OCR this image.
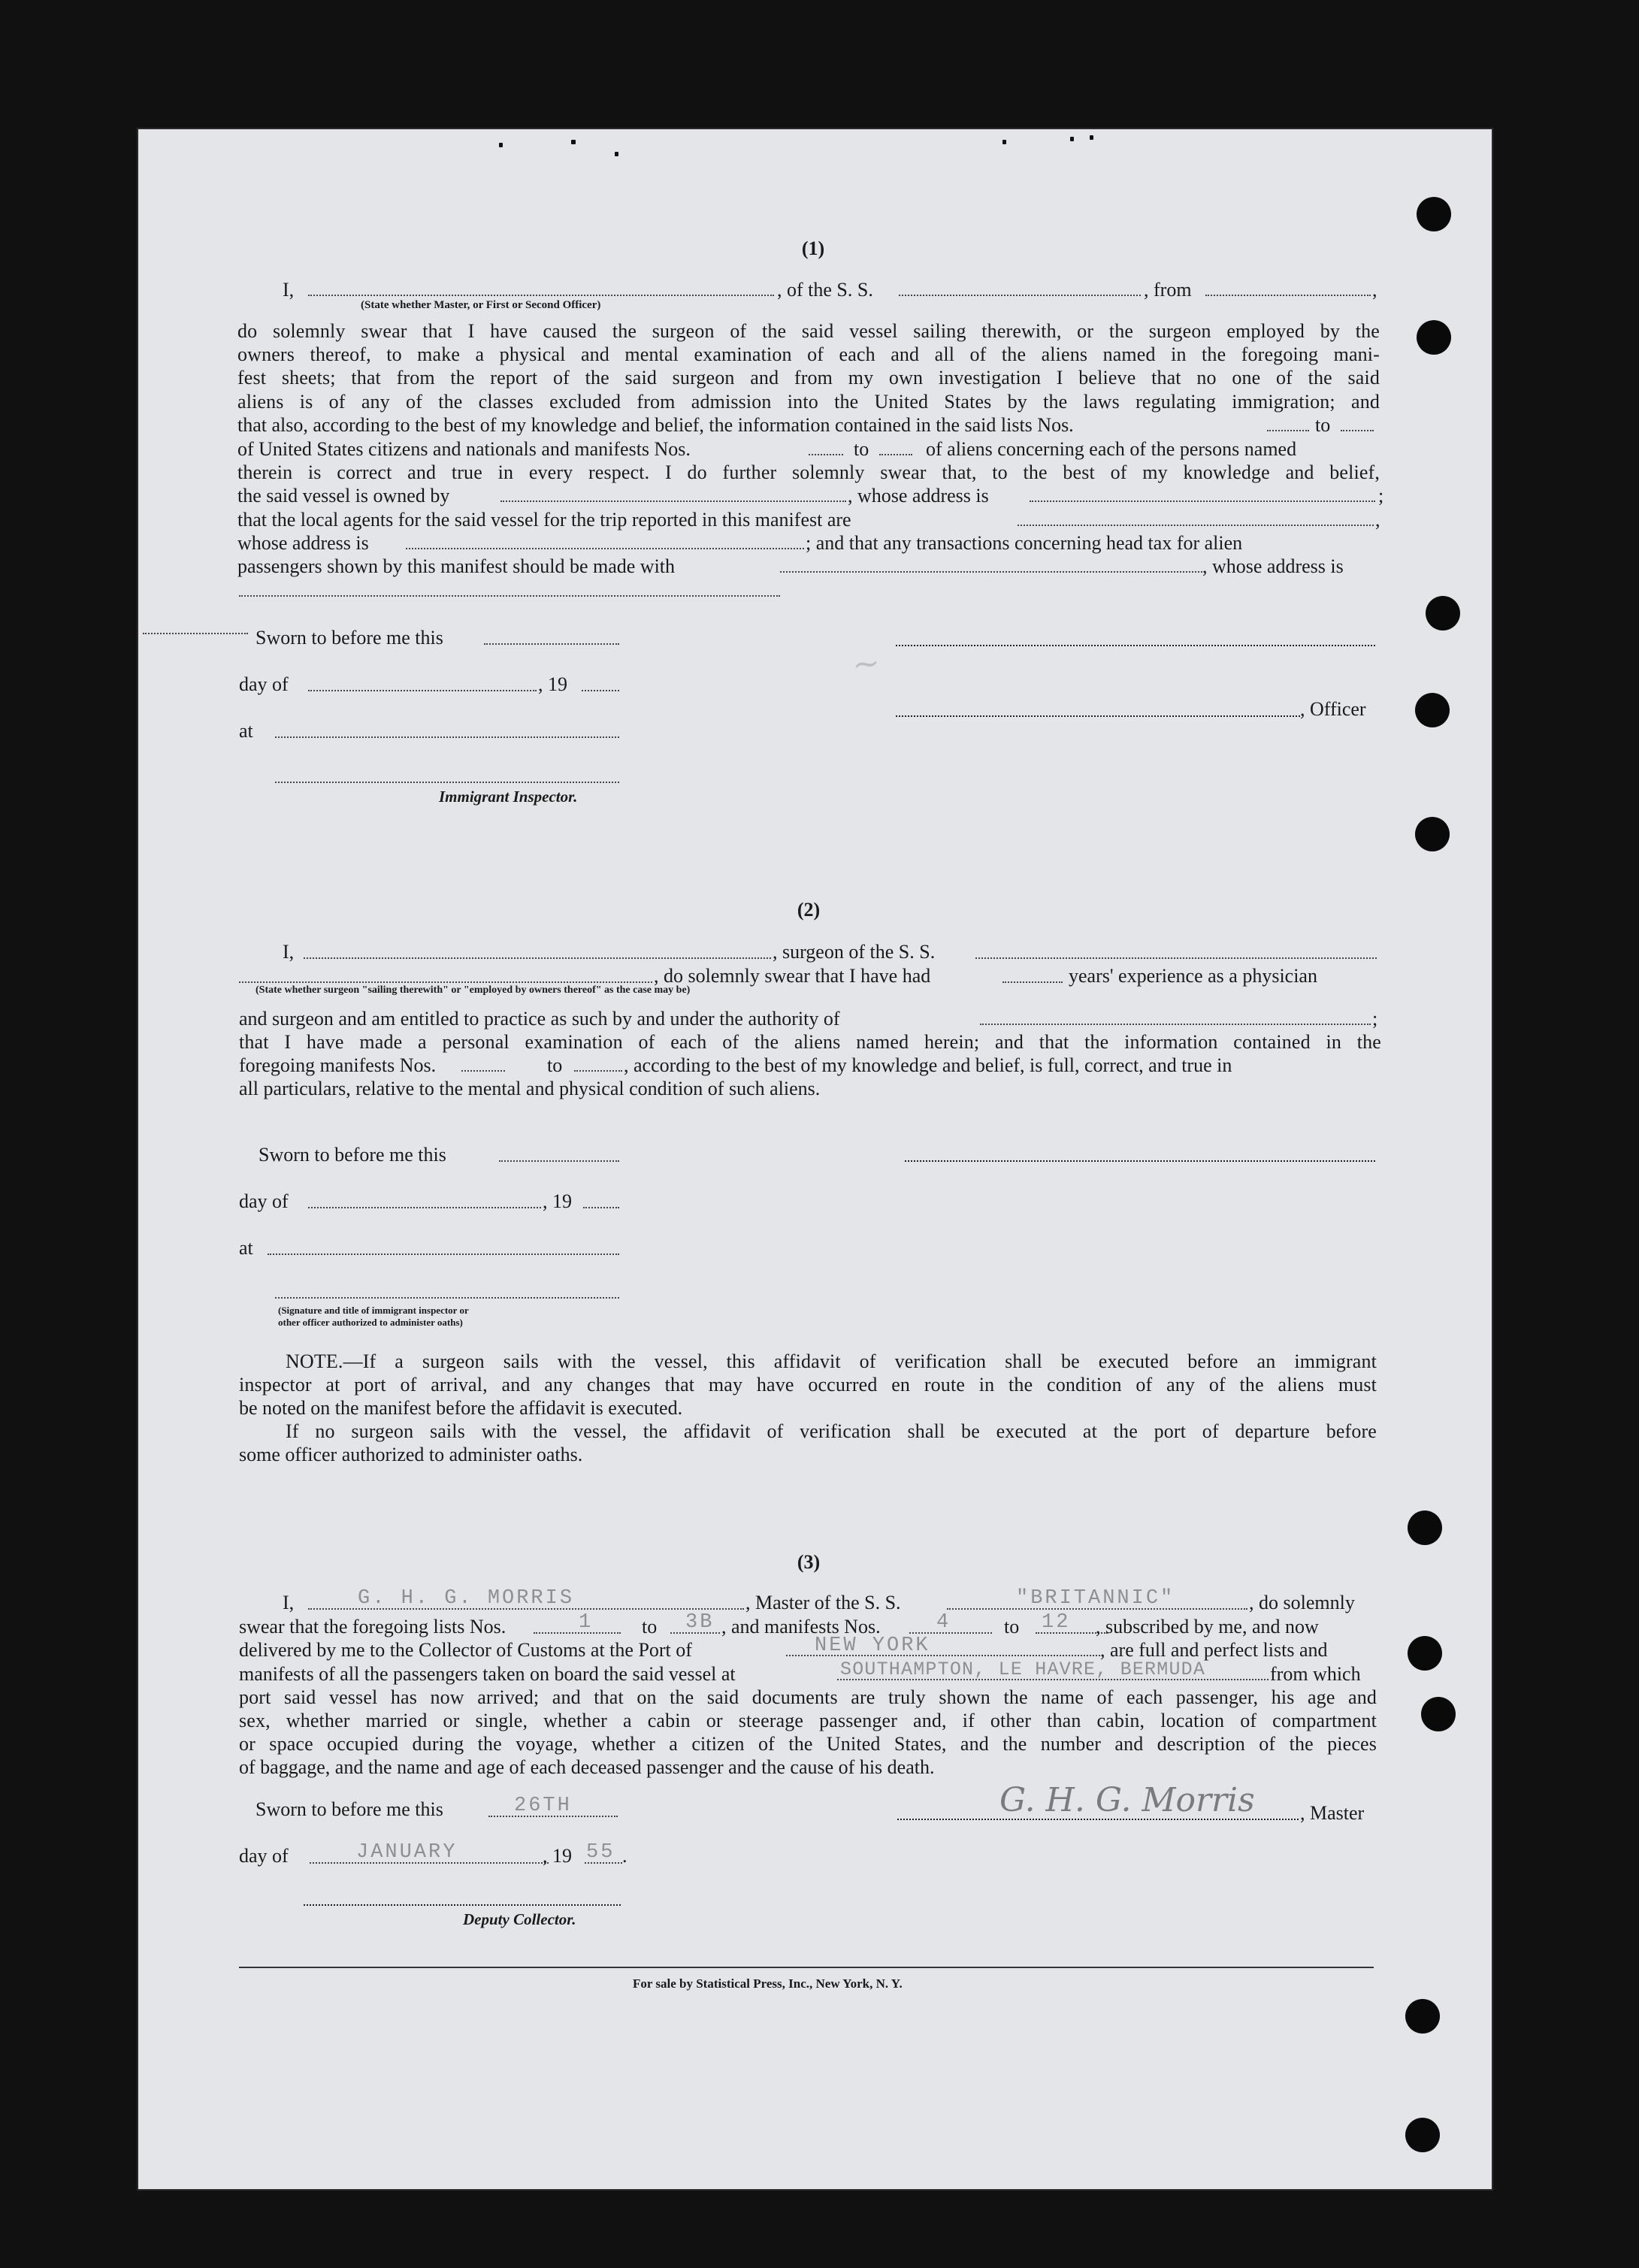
(1)
I,	, of the S. S.	, from	,
(State whether Master, or First or Second Officer)
do solemnly swear that I have caused the surgeon of the said vessel sailing therewith, or the surgeon employed by the
owners thereof, to make a physical and mental examination of each and all of the aliens named in the foregoing mani-
fest sheets; that from the report of the said surgeon and from my own investigation I believe that no one of the said
aliens is of any of the classes excluded from admission into the United States by the laws regulating immigration; and
that also, according to the best of my knowledge and belief, the information contained in the said lists Nos.	to
of United States citizens and nationals and manifests Nos.	to	of aliens concerning each of the persons named
therein is correct and true in every respect. I do further solemnly swear that, to the best of my knowledge and belief,
the said vessel is owned by	, whose address is	;
that the local agents for the said vessel for the trip reported in this manifest are	,
whose address is	; and that any transactions concerning head tax for alien
passengers shown by this manifest should be made with	, whose address is
Sworn to before me this
day of	, 19	~
, Officer
at
Immigrant Inspector.
(2)
I,	, surgeon of the S. S.
, do solemnly swear that I have had	years' experience as a physician
(State whether surgeon "sailing therewith" or "employed by owners thereof" as the case may be)
and surgeon and am entitled to practice as such by and under the authority of	;
that I have made a personal examination of each of the aliens named herein; and that the information contained in the
foregoing manifests Nos.	to	, according to the best of my knowledge and belief, is full, correct, and true in
all particulars, relative to the mental and physical condition of such aliens.
Sworn to before me this
day of	, 19
at
(Signature and title of immigrant inspector or
other officer authorized to administer oaths)
NOTE.—If a surgeon sails with the vessel, this affidavit of verification shall be executed before an immigrant
inspector at port of arrival, and any changes that may have occurred en route in the condition of any of the aliens must
be noted on the manifest before the affidavit is executed.
If no surgeon sails with the vessel, the affidavit of verification shall be executed at the port of departure before
some officer authorized to administer oaths.
(3)
I,	G. H. G. MORRIS	, Master of the S. S.	"BRITANNIC"	, do solemnly
swear that the foregoing lists Nos.	1 to 3B , and manifests Nos.	4	to 12 , subscribed by me, and now
delivered by me to the Collector of Customs at the Port of	NEW YORK	, are full and perfect lists and
manifests of all the passengers taken on board the said vessel at	SOUTHAMPTON, LE HAVRE, BERMUDA	from which
port said vessel has now arrived; and that on the said documents are truly shown the name of each passenger, his age and
sex, whether married or single, whether a cabin or steerage passenger and, if other than cabin, location of compartment
or space occupied during the voyage, whether a citizen of the United States, and the number and description of the pieces
of baggage, and the name and age of each deceased passenger and the cause of his death.
Sworn to before me this	26TH	G. H. G. Morris , Master
day of	JANUARY	, 19 55 .
Deputy Collector.
For sale by Statistical Press, Inc., New York, N. Y.
